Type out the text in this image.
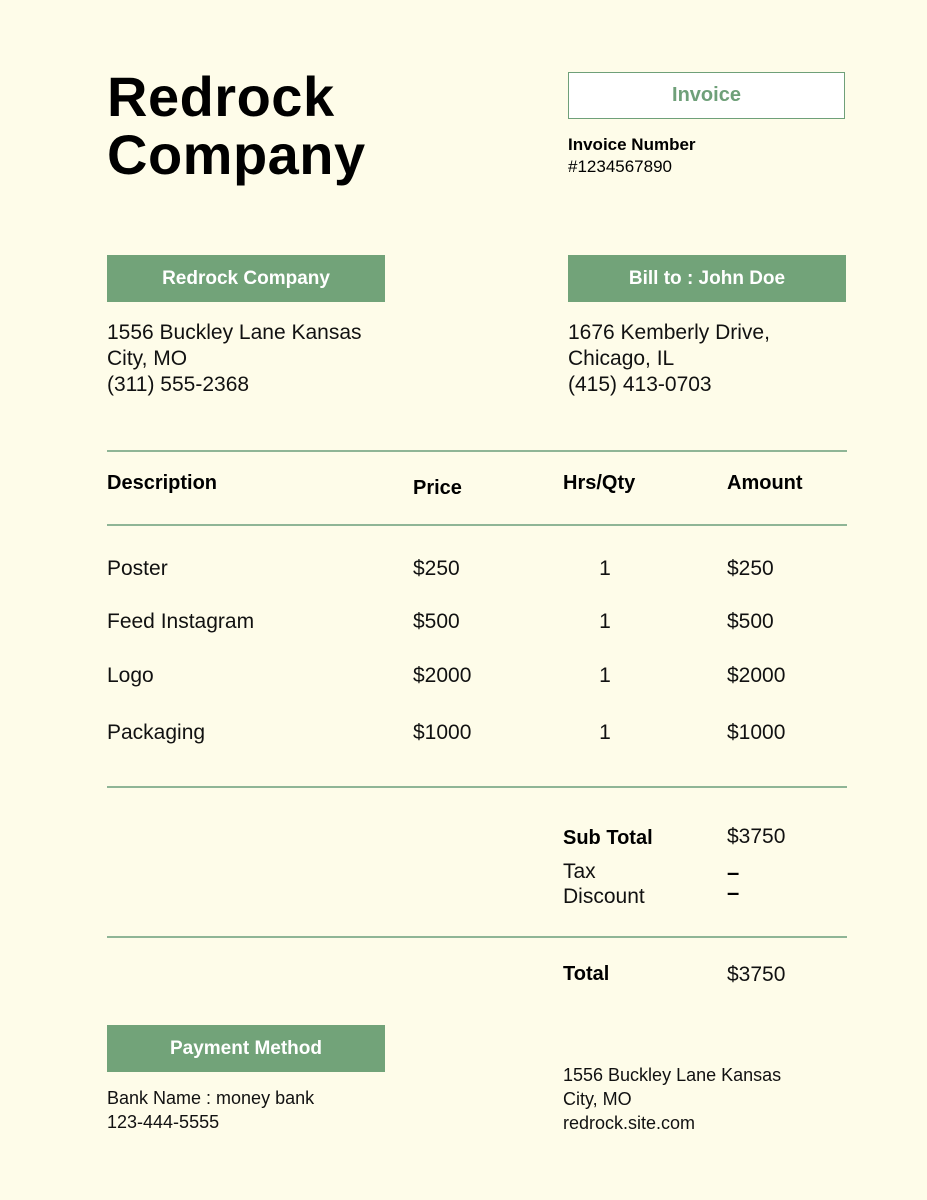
Redrock
Company
Invoice
Invoice Number
#1234567890
Redrock Company
1556 Buckley Lane Kansas
City, MO
(311) 555-2368
Bill to : John Doe
1676 Kemberly Drive,
Chicago, IL
(415) 413-0703
Description	Price	Hrs/Qty	Amount
Poster	$250	1	$250
Feed Instagram	$500	1	$500
Logo	$2000	1	$2000
Packaging	$1000	1	$1000
Sub Total	$3750
Tax	–
Discount	–
Total	$3750
Payment Method
Bank Name : money bank
123-444-5555
1556 Buckley Lane Kansas
City, MO
redrock.site.com
